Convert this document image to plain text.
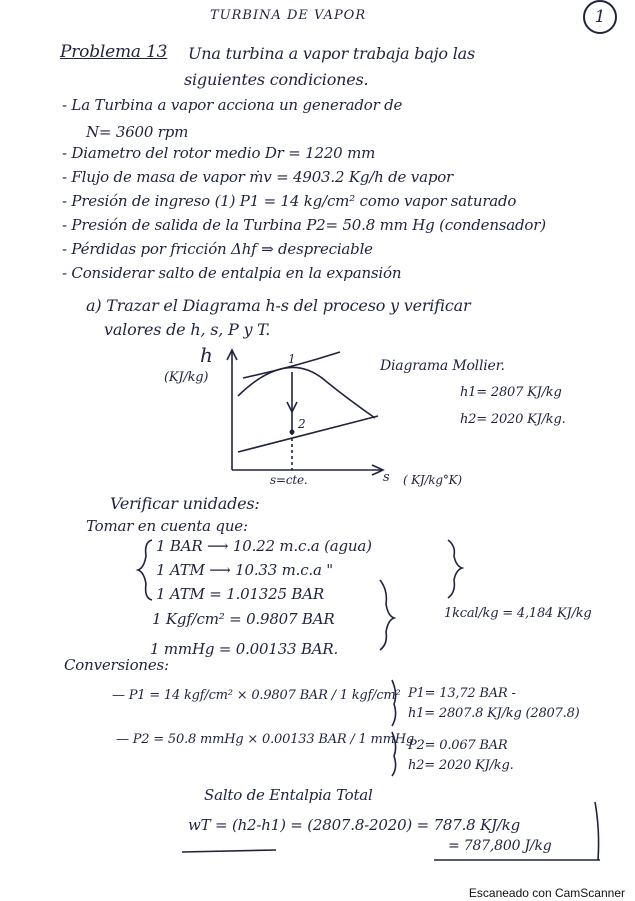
TURBINA DE VAPOR	1
Problema 13 Una turbina a vapor trabaja bajo las
siguientes condiciones.
- La Turbina a vapor acciona un generador de
N= 3600 rpm
- Diametro del rotor medio Dr = 1220 mm
- Flujo de masa de vapor ṁv = 4903.2 Kg/h de vapor
- Presión de ingreso (1) P1 = 14 kg/cm² como vapor saturado
- Presión de salida de la Turbina P2= 50.8 mm Hg (condensador)
- Pérdidas por fricción Δhf ⇒ despreciable
- Considerar salto de entalpia en la expansión
a) Trazar el Diagrama h-s del proceso y verificar
valores de h, s, P y T.
h
(KJ/kg)
1
2
s=cte.	s ( KJ/kg°K)
Diagrama Mollier.
h1= 2807 KJ/kg
h2= 2020 KJ/kg.
Verificar unidades:
Tomar en cuenta que:
1 BAR ⟶ 10.22 m.c.a (agua)
1 ATM ⟶ 10.33 m.c.a "
1 ATM = 1.01325 BAR
1 Kgf/cm² = 0.9807 BAR	1kcal/kg = 4,184 KJ/kg
1 mmHg = 0.00133 BAR.
Conversiones:
— P1 = 14 kgf/cm² × 0.9807 BAR / 1 kgf/cm² P1= 13,72 BAR -
h1= 2807.8 KJ/kg (2807.8)
— P2 = 50.8 mmHg × 0.00133 BAR / 1 mmHg
P2= 0.067 BAR
h2= 2020 KJ/kg.
Salto de Entalpia Total
wT = (h2-h1) = (2807.8-2020) = 787.8 KJ/kg
= 787,800 J/kg
Escaneado con CamScanner
